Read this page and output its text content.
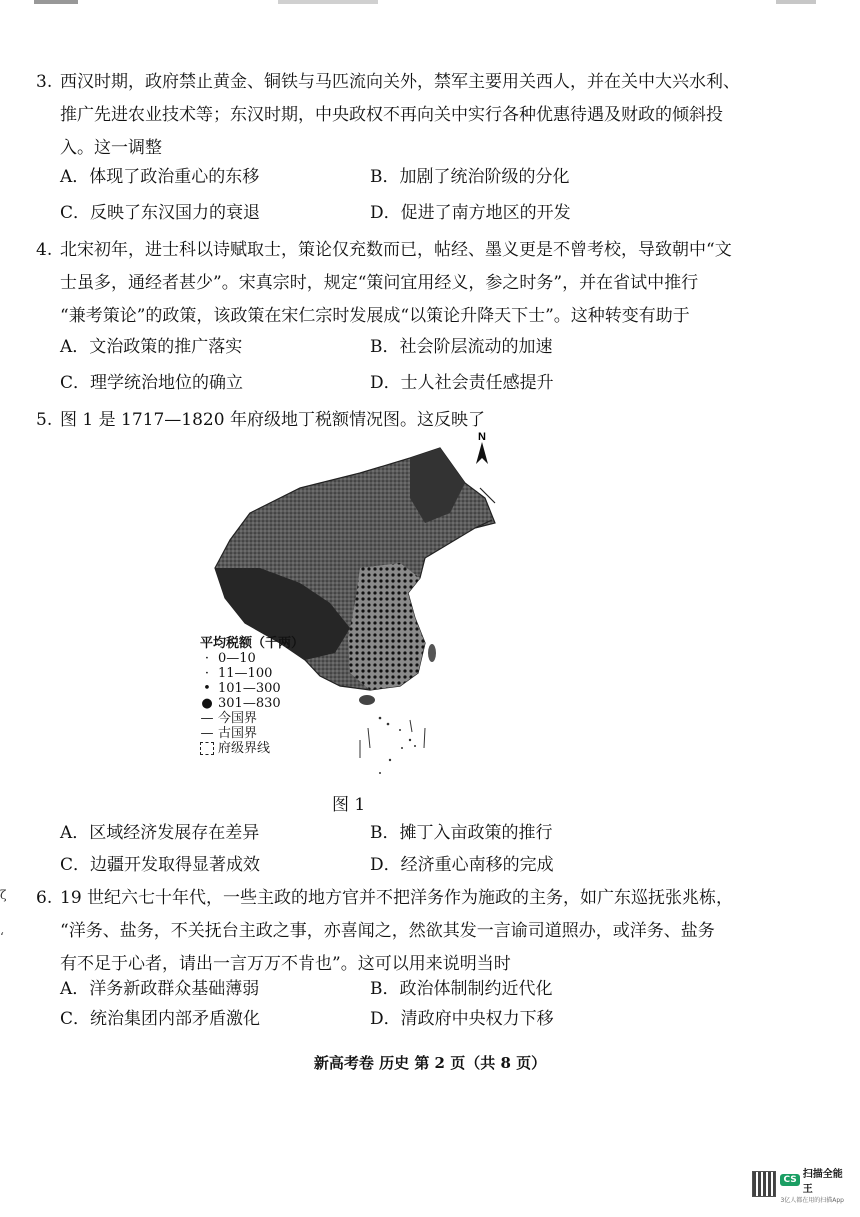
3. 西汉时期，政府禁止黄金、铜铁与马匹流向关外，禁军主要用关西人，并在关中大兴水利、
推广先进农业技术等；东汉时期，中央政权不再向关中实行各种优惠待遇及财政的倾斜投
入。这一调整
A．体现了政治重心的东移	B．加剧了统治阶级的分化
C．反映了东汉国力的衰退	D．促进了南方地区的开发
4. 北宋初年，进士科以诗赋取士，策论仅充数而已，帖经、墨义更是不曾考校，导致朝中“文
士虽多，通经者甚少”。宋真宗时，规定“策问宜用经义，参之时务”，并在省试中推行
“兼考策论”的政策，该政策在宋仁宗时发展成“以策论升降天下士”。这种转变有助于
A．文治政策的推广落实	B．社会阶层流动的加速
C．理学统治地位的确立	D．士人社会责任感提升
5. 图 1 是 1717—1820 年府级地丁税额情况图。这反映了
N
平均税额（千两）
· 0—10
· 11—100
• 101—300
● 301—830
— 今国界
— 古国界
府级界线
图 1
A．区域经济发展存在差异	B．摊丁入亩政策的推行
C．边疆开发取得显著成效	D．经济重心南移的完成
ζ
ʻ
6. 19 世纪六七十年代，一些主政的地方官并不把洋务作为施政的主务，如广东巡抚张兆栋，
“洋务、盐务，不关抚台主政之事，亦喜闻之，然欲其发一言谕司道照办，或洋务、盐务
有不足于心者，请出一言万万不肯也”。这可以用来说明当时
A．洋务新政群众基础薄弱	B．政治体制制约近代化
C．统治集团内部矛盾激化	D．清政府中央权力下移
新高考卷 历史 第 2 页（共 8 页）
CS 扫描全能王
3亿人都在用的扫描App
